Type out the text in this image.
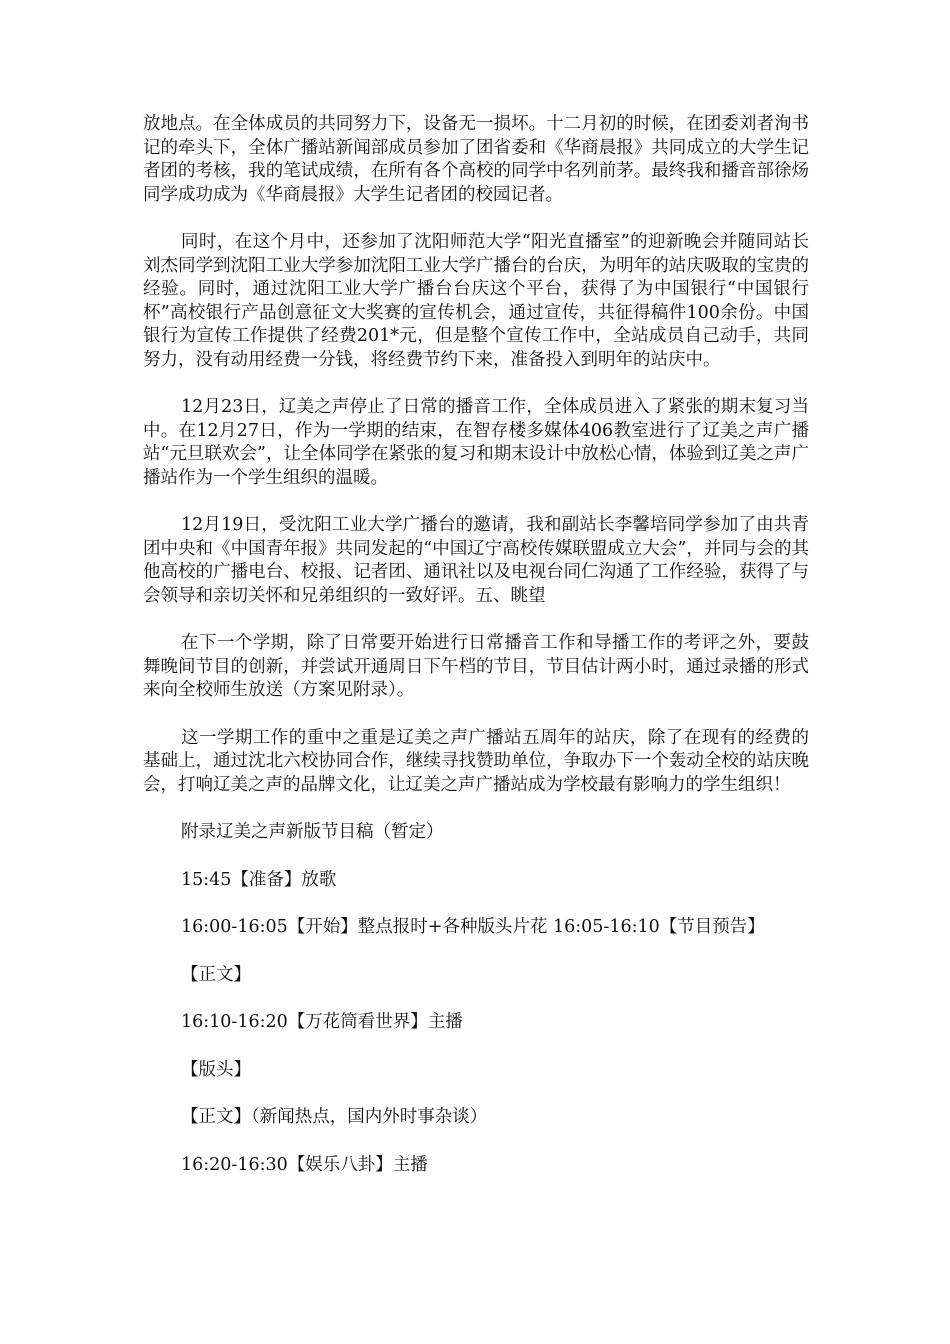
放地点。在全体成员的共同努力下，设备无一损坏。十二月初的时候，在团委刘者洵书记的牵头下，全体广播站新闻部成员参加了团省委和《华商晨报》共同成立的大学生记者团的考核，我的笔试成绩，在所有各个高校的同学中名列前茅。最终我和播音部徐炀同学成功成为《华商晨报》大学生记者团的校园记者。

同时，在这个月中，还参加了沈阳师范大学“阳光直播室”的迎新晚会并随同站长刘杰同学到沈阳工业大学参加沈阳工业大学广播台的台庆，为明年的站庆吸取的宝贵的经验。同时，通过沈阳工业大学广播台台庆这个平台，获得了为中国银行“中国银行杯”高校银行产品创意征文大奖赛的宣传机会，通过宣传，共征得稿件100余份。中国银行为宣传工作提供了经费201*元，但是整个宣传工作中，全站成员自己动手，共同努力，没有动用经费一分钱，将经费节约下来，准备投入到明年的站庆中。

12月23日，辽美之声停止了日常的播音工作，全体成员进入了紧张的期末复习当中。在12月27日，作为一学期的结束，在智存楼多媒体406教室进行了辽美之声广播站“元旦联欢会”，让全体同学在紧张的复习和期末设计中放松心情，体验到辽美之声广播站作为一个学生组织的温暖。

12月19日，受沈阳工业大学广播台的邀请，我和副站长李馨培同学参加了由共青团中央和《中国青年报》共同发起的“中国辽宁高校传媒联盟成立大会”，并同与会的其他高校的广播电台、校报、记者团、通讯社以及电视台同仁沟通了工作经验，获得了与会领导和亲切关怀和兄弟组织的一致好评。五、眺望

在下一个学期，除了日常要开始进行日常播音工作和导播工作的考评之外，要鼓舞晚间节目的创新，并尝试开通周日下午档的节目，节目估计两小时，通过录播的形式来向全校师生放送（方案见附录）。

这一学期工作的重中之重是辽美之声广播站五周年的站庆，除了在现有的经费的基础上，通过沈北六校协同合作，继续寻找赞助单位，争取办下一个轰动全校的站庆晚会，打响辽美之声的品牌文化，让辽美之声广播站成为学校最有影响力的学生组织！

附录辽美之声新版节目稿（暂定）

15:45【准备】放歌

16:00-16:05【开始】整点报时+各种版头片花 16:05-16:10【节目预告】

【正文】

16:10-16:20【万花筒看世界】主播

【版头】

【正文】（新闻热点，国内外时事杂谈）

16:20-16:30【娱乐八卦】主播
